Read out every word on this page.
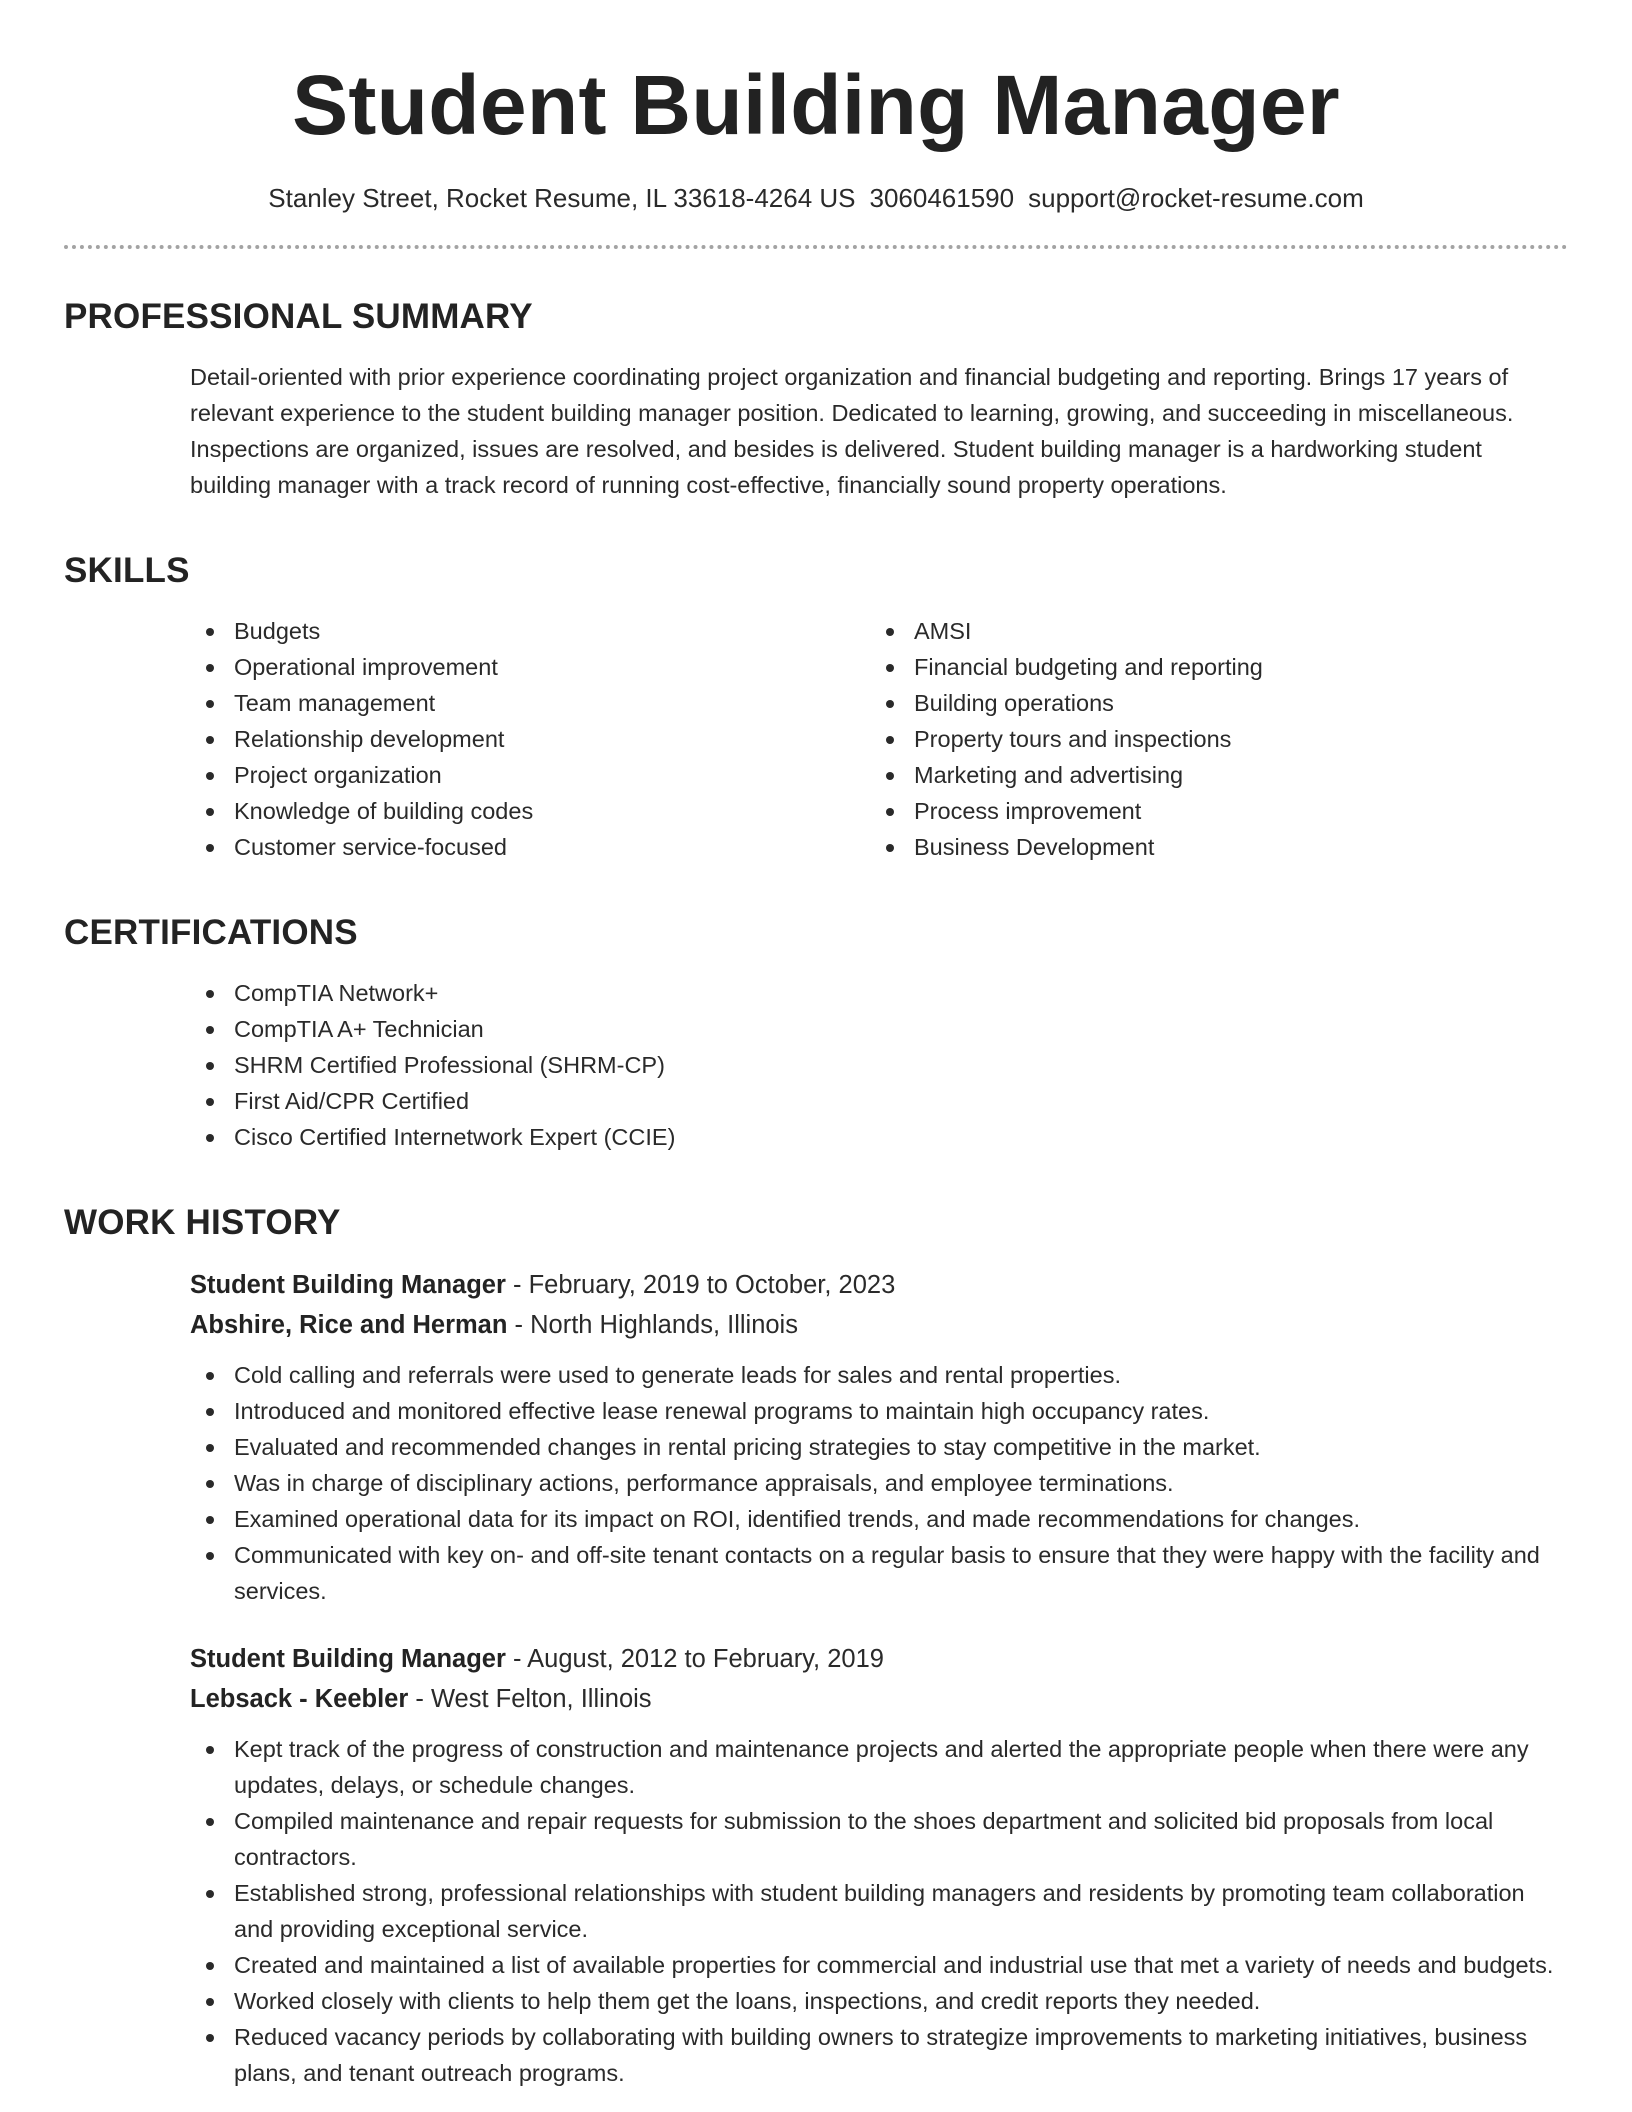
Student Building Manager
Stanley Street, Rocket Resume, IL 33618-4264 US 3060461590 support@rocket-resume.com
PROFESSIONAL SUMMARY

Detail-oriented with prior experience coordinating project organization and financial budgeting and reporting. Brings 17 years of relevant experience to the student building manager position. Dedicated to learning, growing, and succeeding in miscellaneous. Inspections are organized, issues are resolved, and besides is delivered. Student building manager is a hardworking student building manager with a track record of running cost-effective, financially sound property operations.

SKILLS
Budgets
Operational improvement
Team management
Relationship development
Project organization
Knowledge of building codes
Customer service-focused
AMSI
Financial budgeting and reporting
Building operations
Property tours and inspections
Marketing and advertising
Process improvement
Business Development
CERTIFICATIONS
CompTIA Network+
CompTIA A+ Technician
SHRM Certified Professional (SHRM-CP)
First Aid/CPR Certified
Cisco Certified Internetwork Expert (CCIE)
WORK HISTORY
Student Building Manager - February, 2019 to October, 2023
Abshire, Rice and Herman - North Highlands, Illinois
Cold calling and referrals were used to generate leads for sales and rental properties.
Introduced and monitored effective lease renewal programs to maintain high occupancy rates.
Evaluated and recommended changes in rental pricing strategies to stay competitive in the market.
Was in charge of disciplinary actions, performance appraisals, and employee terminations.
Examined operational data for its impact on ROI, identified trends, and made recommendations for changes.
Communicated with key on- and off-site tenant contacts on a regular basis to ensure that they were happy with the facility and services.
Student Building Manager - August, 2012 to February, 2019
Lebsack - Keebler - West Felton, Illinois
Kept track of the progress of construction and maintenance projects and alerted the appropriate people when there were any updates, delays, or schedule changes.
Compiled maintenance and repair requests for submission to the shoes department and solicited bid proposals from local contractors.
Established strong, professional relationships with student building managers and residents by promoting team collaboration and providing exceptional service.
Created and maintained a list of available properties for commercial and industrial use that met a variety of needs and budgets.
Worked closely with clients to help them get the loans, inspections, and credit reports they needed.
Reduced vacancy periods by collaborating with building owners to strategize improvements to marketing initiatives, business plans, and tenant outreach programs.
